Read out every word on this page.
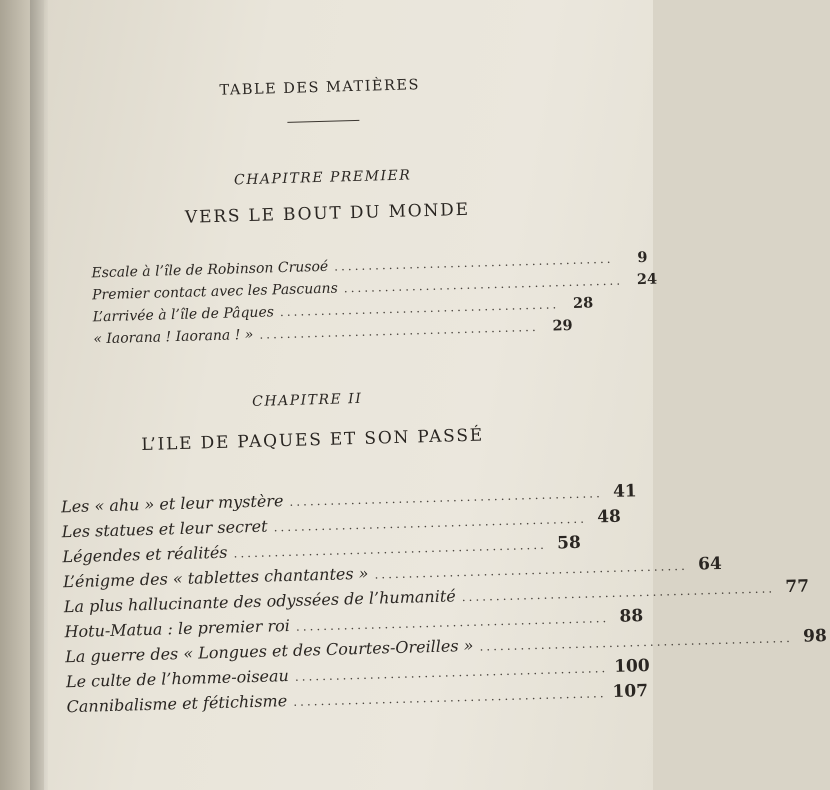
TABLE DES MATIÈRES
CHAPITRE PREMIER
VERS LE BOUT DU MONDE
Escale à l’île de Robinson Crusoé .........................................	9
Premier contact avec les Pascuans ......................................... 24
L’arrivée à l’île de Pâques ......................................... 28
« Iaorana ! Iaorana ! » ......................................... 29
CHAPITRE II
L’ILE DE PAQUES ET SON PASSÉ
Les « ahu » et leur mystère .............................................. 41
Les statues et leur secret .............................................. 48
Légendes et réalités .............................................. 58
L’énigme des « tablettes chantantes » .............................................. 64
La plus hallucinante des odyssées de l’humanité .............................................. 77
Hotu-Matua : le premier roi .............................................. 88
La guerre des « Longues et des Courtes-Oreilles » .............................................. 98
Le culte de l’homme-oiseau .............................................. 100
Cannibalisme et fétichisme .............................................. 107
